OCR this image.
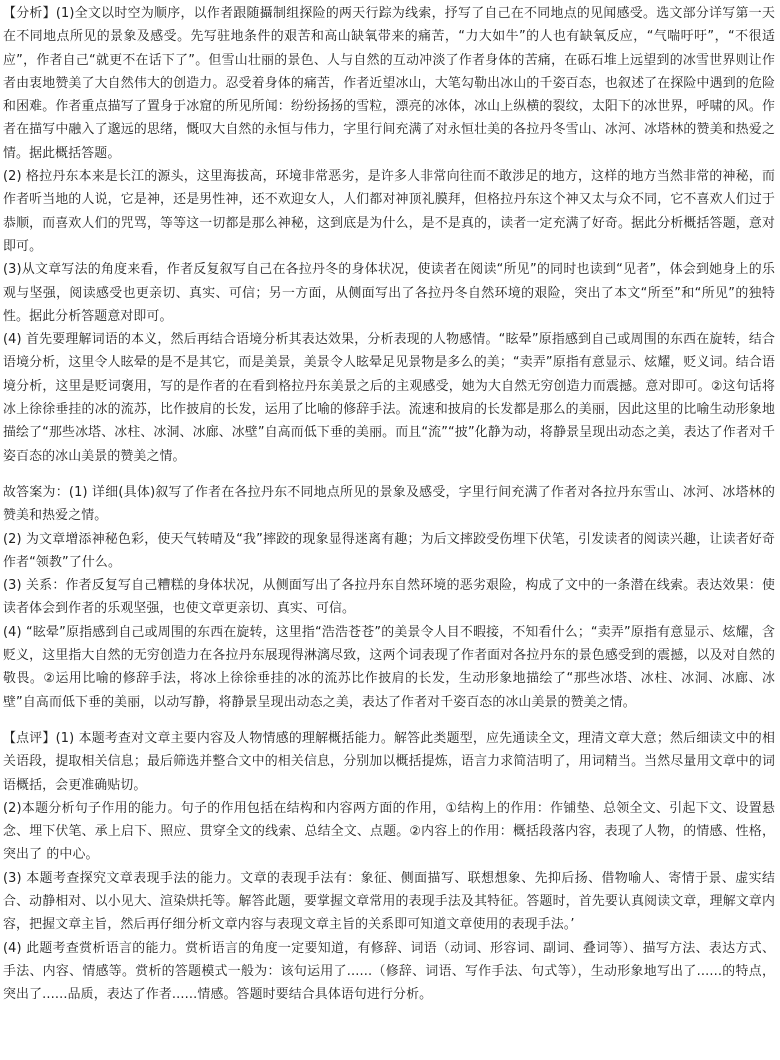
【分析】(1)全文以时空为顺序，以作者跟随攝制组探险的两天行踪为线索，抒写了自己在不同地点的见闻感受。选文部分详写第一天在不同地点所见的景象及感受。先写驻地条件的艰苦和高山缺氧带来的痛苦，“力大如牛”的人也有缺氧反应，“气喘吁吁”，“不很适应”，作者自己“就更不在话下了”。但雪山壮丽的景色、人与自然的互动冲淡了作者身体的苦痛，在砾石堆上远望到的冰雪世界则让作者由衷地赞美了大自然伟大的创造力。忍受着身体的痛苦，作者近望冰山，大笔勾勒出冰山的千姿百态，也叙述了在探险中遇到的危险和困难。作者重点描写了置身于冰窟的所见所闻：纷纷扬扬的雪粒，漂亮的冰体，冰山上纵横的裂纹，太阳下的冰世界，呼啸的风。作者在描写中融入了邈远的思绪，慨叹大自然的永恒与伟力，字里行间充满了对永恒壮美的各拉丹冬雪山、冰河、冰塔林的赞美和热爱之情。据此概括答题。

(2) 格拉丹东本来是长江的源头，这里海拔高，环境非常恶劣，是许多人非常向往而不敢涉足的地方，这样的地方当然非常的神秘，而作者听当地的人说，它是神，还是男性神，还不欢迎女人，人们都对神顶礼膜拜，但格拉丹东这个神又太与众不同，它不喜欢人们过于恭顺，而喜欢人们的咒骂，等等这一切都是那么神秘，这到底是为什么，是不是真的，读者一定充满了好奇。据此分析概括答题，意对即可。

(3)从文章写法的角度来看，作者反复叙写自己在各拉丹冬的身体状况，使读者在阅读“所见”的同时也读到“见者”，体会到她身上的乐观与坚强，阅读感受也更亲切、真实、可信；另一方面，从侧面写出了各拉丹冬自然环境的艰险，突出了本文“所至”和“所见”的独特性。据此分析答题意对即可。

(4) 首先要理解词语的本义，然后再结合语境分析其表达效果，分析表现的人物感情。“眩晕”原指感到自己或周围的东西在旋转，结合语境分析，这里令人眩晕的是不是其它，而是美景，美景令人眩晕足见景物是多么的美；“卖弄”原指有意显示、炫耀，贬义词。结合语境分析，这里是贬词褒用，写的是作者的在看到格拉丹东美景之后的主观感受，她为大自然无穷创造力而震撼。意对即可。②这句话将冰上徐徐垂挂的冰的流苏，比作披肩的长发，运用了比喻的修辞手法。流速和披肩的长发都是那么的美丽，因此这里的比喻生动形象地描绘了“那些冰塔、冰柱、冰洞、冰廊、冰壁”自高而低下垂的美丽。而且“流”“披”化静为动，将静景呈现出动态之美，表达了作者对千姿百态的冰山美景的赞美之情。

故答案为：(1) 详细(具体)叙写了作者在各拉丹东不同地点所见的景象及感受，字里行间充满了作者对各拉丹东雪山、冰河、冰塔林的赞美和热爱之情。

(2) 为文章增添神秘色彩，使天气转晴及“我”摔跤的现象显得迷离有趣；为后文摔跤受伤埋下伏笔，引发读者的阅读兴趣，让读者好奇作者“领教”了什么。

(3) 关系：作者反复写自己糟糕的身体状况，从侧面写出了各拉丹东自然环境的恶劣艰险，构成了文中的一条潜在线索。表达效果：使读者体会到作者的乐观坚强，也使文章更亲切、真实、可信。

(4) “眩晕”原指感到自己或周围的东西在旋转，这里指“浩浩苍苍”的美景令人目不暇接，不知看什么；“卖弄”原指有意显示、炫耀，含贬义，这里指大自然的无穷创造力在各拉丹东展现得淋漓尽致，这两个词表现了作者面对各拉丹东的景色感受到的震撼，以及对自然的敬畏。②运用比喻的修辞手法，将冰上徐徐垂挂的冰的流苏比作披肩的长发，生动形象地描绘了“那些冰塔、冰柱、冰洞、冰廊、冰壁”自高而低下垂的美丽，以动写静，将静景呈现出动态之美，表达了作者对千姿百态的冰山美景的赞美之情。

【点评】(1) 本题考查对文章主要内容及人物情感的理解概括能力。解答此类题型，应先通读全文，理清文章大意；然后细读文中的相关语段，提取相关信息；最后筛选并整合文中的相关信息，分别加以概括提炼，语言力求简洁明了，用词精当。当然尽量用文章中的词语概括，会更准确贴切。

(2)本题分析句子作用的能力。句子的作用包括在结构和内容两方面的作用，①结构上的作用：作铺垫、总领全文、引起下文、设置悬念、埋下伏笔、承上启下、照应、贯穿全文的线索、总结全文、点题。②内容上的作用：概括段落内容，表现了人物，的情感、性格，突出了 的中心。

(3) 本题考查探究文章表现手法的能力。文章的表现手法有：象征、侧面描写、联想想象、先抑后扬、借物喻人、寄情于景、虚实结合、动静相对、以小见大、渲染烘托等。解答此题，要掌握文章常用的表现手法及其特征。答题时，首先要认真阅读文章，理解文章内容，把握文章主旨，然后再仔细分析文章内容与表现文章主旨的关系即可知道文章使用的表现手法。’

(4) 此题考查赏析语言的能力。赏析语言的角度一定要知道，有修辞、词语（动词、形容词、副词、叠词等）、描写方法、表达方式、手法、内容、情感等。赏析的答题模式一般为：该句运用了......（修辞、词语、写作手法、句式等），生动形象地写出了......的特点，突出了......品质，表达了作者......情感。答题时要结合具体语句进行分析。
